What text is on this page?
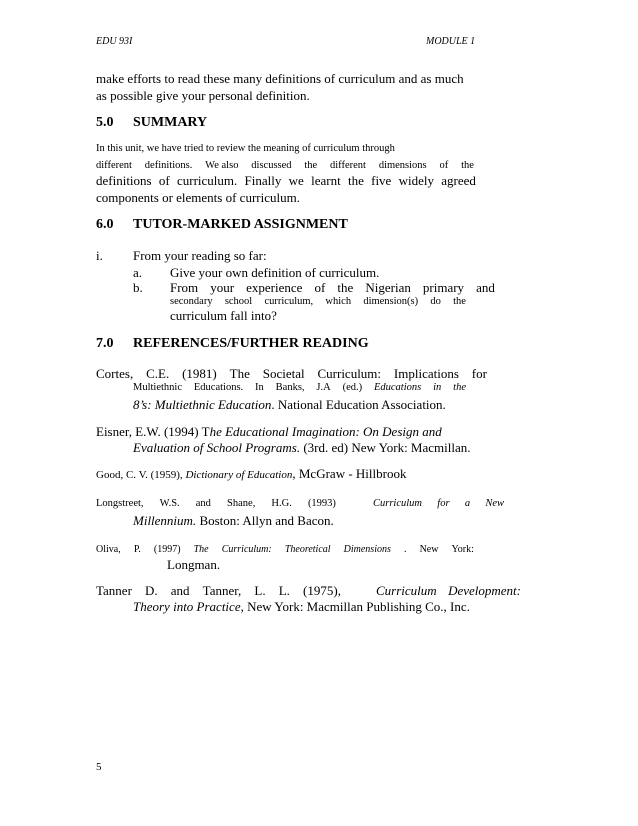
EDU 93I	MODULE 1
make efforts to read these many definitions of curriculum and as much
as possible give your personal definition.
5.0 SUMMARY
In this unit, we have tried to review the meaning of curriculum through
different definitions. We also discussed the different dimensions of the
definitions of curriculum. Finally we learnt the five widely agreed
components or elements of curriculum.
6.0 TUTOR-MARKED ASSIGNMENT
i. From your reading so far:
a. Give your own definition of curriculum.
b. From your experience of the Nigerian primary and
secondary school curriculum, which dimension(s) do the
curriculum fall into?
7.0 REFERENCES/FURTHER READING
Cortes, C.E. (1981) The Societal Curriculum: Implications for
Multiethnic Educations. In Banks, J.A (ed.) Educations in the
8’s: Multiethnic Education. National Education Association.
Eisner, E.W. (1994) The Educational Imagination: On Design and
Evaluation of School Programs. (3rd. ed) New York: Macmillan.
Good, C. V. (1959), Dictionary of Education, McGraw - Hillbrook
Longstreet, W.S. and Shane, H.G. (1993)	Curriculum for a New
Millennium. Boston: Allyn and Bacon.
Oliva, P. (1997) The Curriculum: Theoretical Dimensions . New York:
Longman.
Tanner D. and Tanner, L. L. (1975),	Curriculum Development:
Theory into Practice, New York: Macmillan Publishing Co., Inc.
5
